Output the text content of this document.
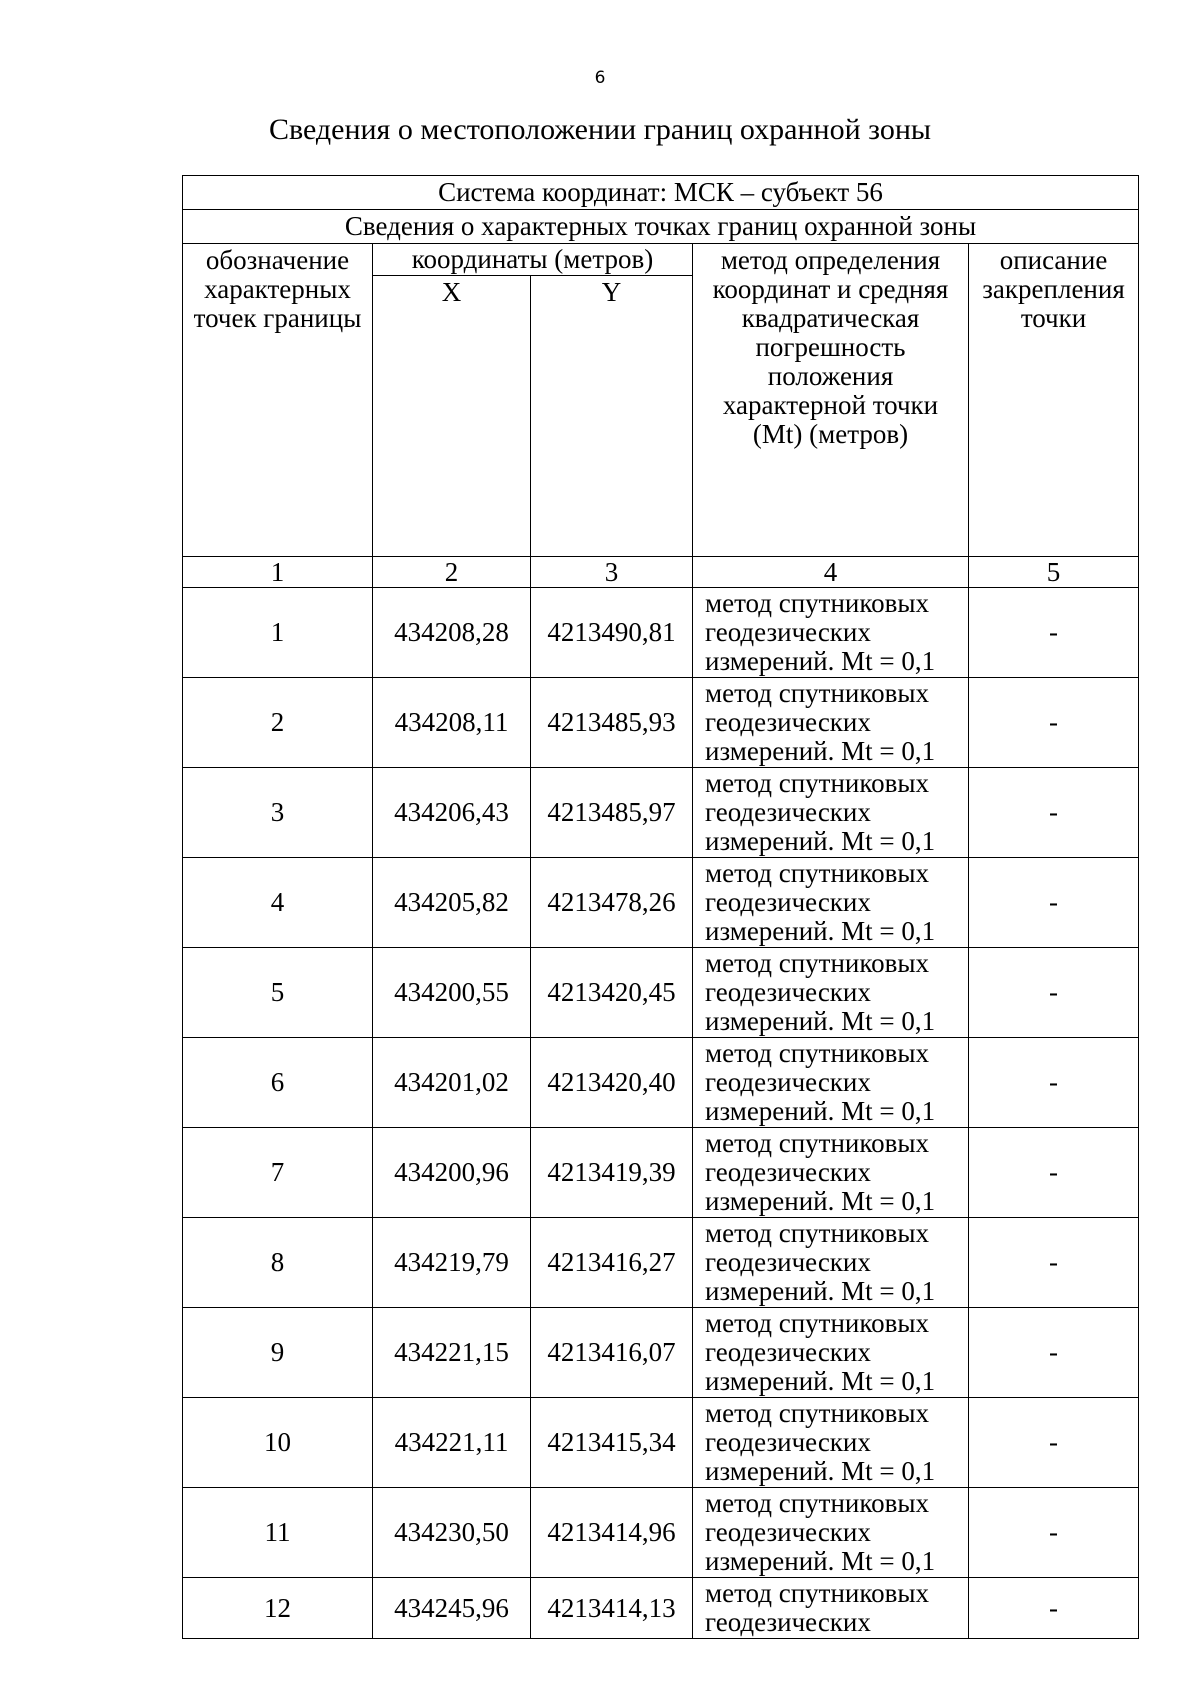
6
Сведения о местоположении границ охранной зоны
Система координат: МСК – субъект 56				
Сведения о характерных точках границ охранной зоны				
обозначение характерных точек границы	координаты (метров)		метод определения координат и средняя квадратическая погрешность положения характерной точки (Mt) (метров)	описание закрепления точки
	X	Y		
1	2	3	4	5
1	434208,28	4213490,81	метод спутниковых геодезических измерений. Mt = 0,1	-
2	434208,11	4213485,93	метод спутниковых геодезических измерений. Mt = 0,1	-
3	434206,43	4213485,97	метод спутниковых геодезических измерений. Mt = 0,1	-
4	434205,82	4213478,26	метод спутниковых геодезических измерений. Mt = 0,1	-
5	434200,55	4213420,45	метод спутниковых геодезических измерений. Mt = 0,1	-
6	434201,02	4213420,40	метод спутниковых геодезических измерений. Mt = 0,1	-
7	434200,96	4213419,39	метод спутниковых геодезических измерений. Mt = 0,1	-
8	434219,79	4213416,27	метод спутниковых геодезических измерений. Mt = 0,1	-
9	434221,15	4213416,07	метод спутниковых геодезических измерений. Mt = 0,1	-
10	434221,11	4213415,34	метод спутниковых геодезических измерений. Mt = 0,1	-
11	434230,50	4213414,96	метод спутниковых геодезических измерений. Mt = 0,1	-
12	434245,96	4213414,13	метод спутниковых геодезических	-
